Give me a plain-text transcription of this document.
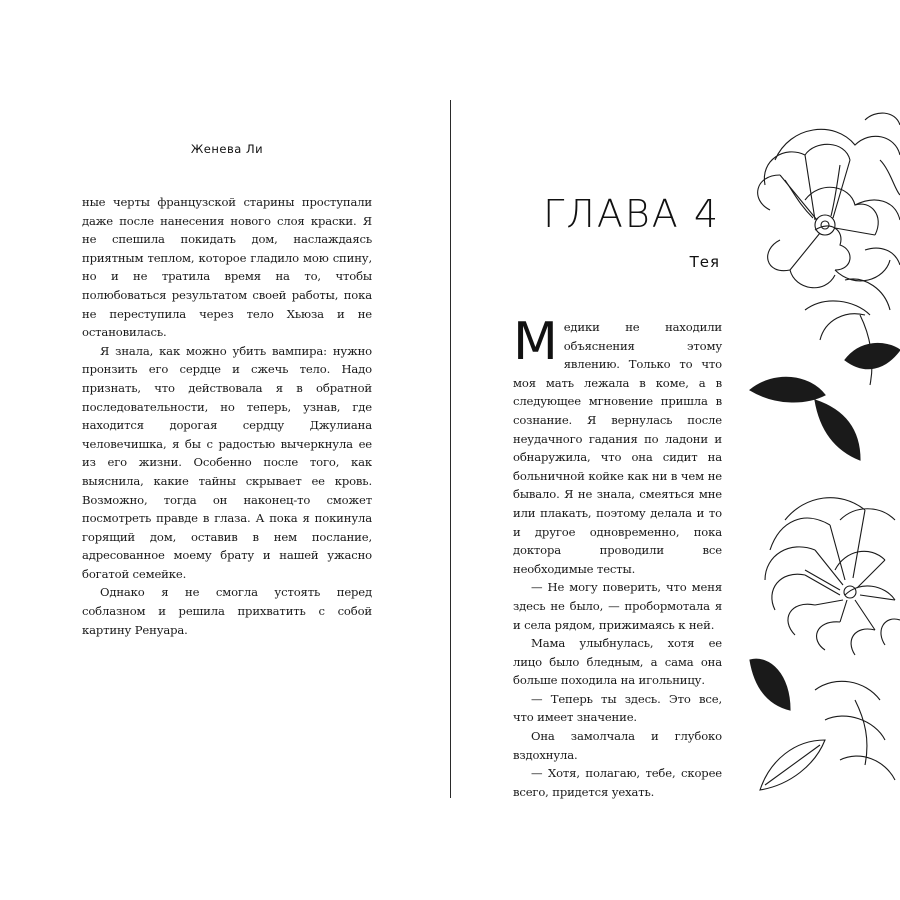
Женева Ли

ные черты французской старины проступали даже после нанесения нового слоя краски. Я не спешила покидать дом, наслаждаясь приятным теплом, которое гладило мою спину, но и не тратила время на то, чтобы полюбоваться результатом своей работы, пока не переступила через тело Хьюза и не остановилась.

Я знала, как можно убить вампира: нужно пронзить его сердце и сжечь тело. Надо признать, что действовала я в обратной последовательности, но теперь, узнав, где находится дорогая сердцу Джулиана человечишка, я бы с радостью вычеркнула ее из его жизни. Особенно после того, как выяснила, какие тайны скрывает ее кровь. Возможно, тогда он наконец-то сможет посмотреть правде в глаза. А пока я покинула горящий дом, оставив в нем послание, адресованное моему брату и нашей ужасно богатой семейке.

Однако я не смогла устоять перед соблазном и решила прихватить с собой картину Ренуара.

ГЛАВА 4
Тея

Медики не находили объяснения этому явлению. Только то что моя мать лежала в коме, а в следующее мгновение пришла в сознание. Я вернулась после неудачного гадания по ладони и обнаружила, что она сидит на больничной койке как ни в чем не бывало. Я не знала, смеяться мне или плакать, поэтому делала и то и другое одновременно, пока доктора проводили все необходимые тесты.

— Не могу поверить, что меня здесь не было, — пробормотала я и села рядом, прижимаясь к ней.

Мама улыбнулась, хотя ее лицо было бледным, а сама она больше походила на игольницу.

— Теперь ты здесь. Это все, что имеет значение.

Она замолчала и глубоко вздохнула.

— Хотя, полагаю, тебе, скорее всего, придется уехать.
